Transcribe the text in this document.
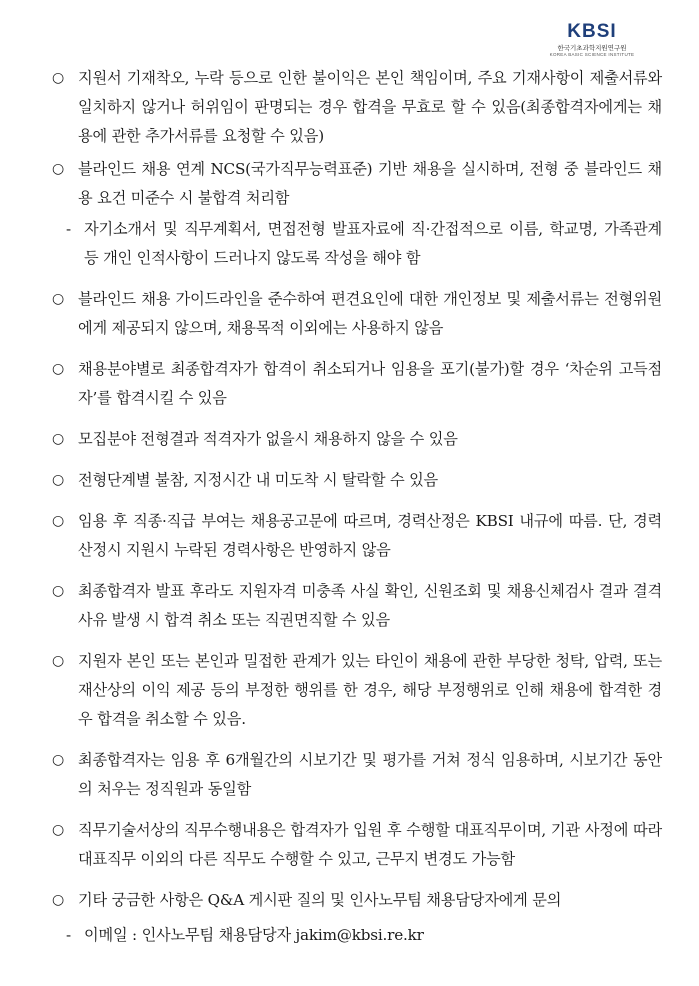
KBSI
한국기초과학지원연구원
KOREA BASIC SCIENCE INSTITUTE
○ 지원서 기재착오, 누락 등으로 인한 불이익은 본인 책임이며, 주요 기재사항이 제출서류와 일치하지 않거나 허위임이 판명되는 경우 합격을 무효로 할 수 있음(최종합격자에게는 채용에 관한 추가서류를 요청할 수 있음)
○ 블라인드 채용 연계 NCS(국가직무능력표준) 기반 채용을 실시하며, 전형 중 블라인드 채용 요건 미준수 시 불합격 처리함
- 자기소개서 및 직무계획서, 면접전형 발표자료에 직·간접적으로 이름, 학교명, 가족관계 등 개인 인적사항이 드러나지 않도록 작성을 해야 함
○ 블라인드 채용 가이드라인을 준수하여 편견요인에 대한 개인정보 및 제출서류는 전형위원에게 제공되지 않으며, 채용목적 이외에는 사용하지 않음
○ 채용분야별로 최종합격자가 합격이 취소되거나 임용을 포기(불가)할 경우 ‘차순위 고득점자’를 합격시킬 수 있음
○ 모집분야 전형결과 적격자가 없을시 채용하지 않을 수 있음
○ 전형단계별 불참, 지정시간 내 미도착 시 탈락할 수 있음
○ 임용 후 직종·직급 부여는 채용공고문에 따르며, 경력산정은 KBSI 내규에 따름. 단, 경력산정시 지원시 누락된 경력사항은 반영하지 않음
○ 최종합격자 발표 후라도 지원자격 미충족 사실 확인, 신원조회 및 채용신체검사 결과 결격사유 발생 시 합격 취소 또는 직권면직할 수 있음
○ 지원자 본인 또는 본인과 밀접한 관계가 있는 타인이 채용에 관한 부당한 청탁, 압력, 또는 재산상의 이익 제공 등의 부정한 행위를 한 경우, 해당 부정행위로 인해 채용에 합격한 경우 합격을 취소할 수 있음.
○ 최종합격자는 임용 후 6개월간의 시보기간 및 평가를 거쳐 정식 임용하며, 시보기간 동안의 처우는 정직원과 동일함
○ 직무기술서상의 직무수행내용은 합격자가 입원 후 수행할 대표직무이며, 기관 사정에 따라 대표직무 이외의 다른 직무도 수행할 수 있고, 근무지 변경도 가능함
○ 기타 궁금한 사항은 Q&A 게시판 질의 및 인사노무팀 채용담당자에게 문의
- 이메일 : 인사노무팀 채용담당자 jakim@kbsi.re.kr
